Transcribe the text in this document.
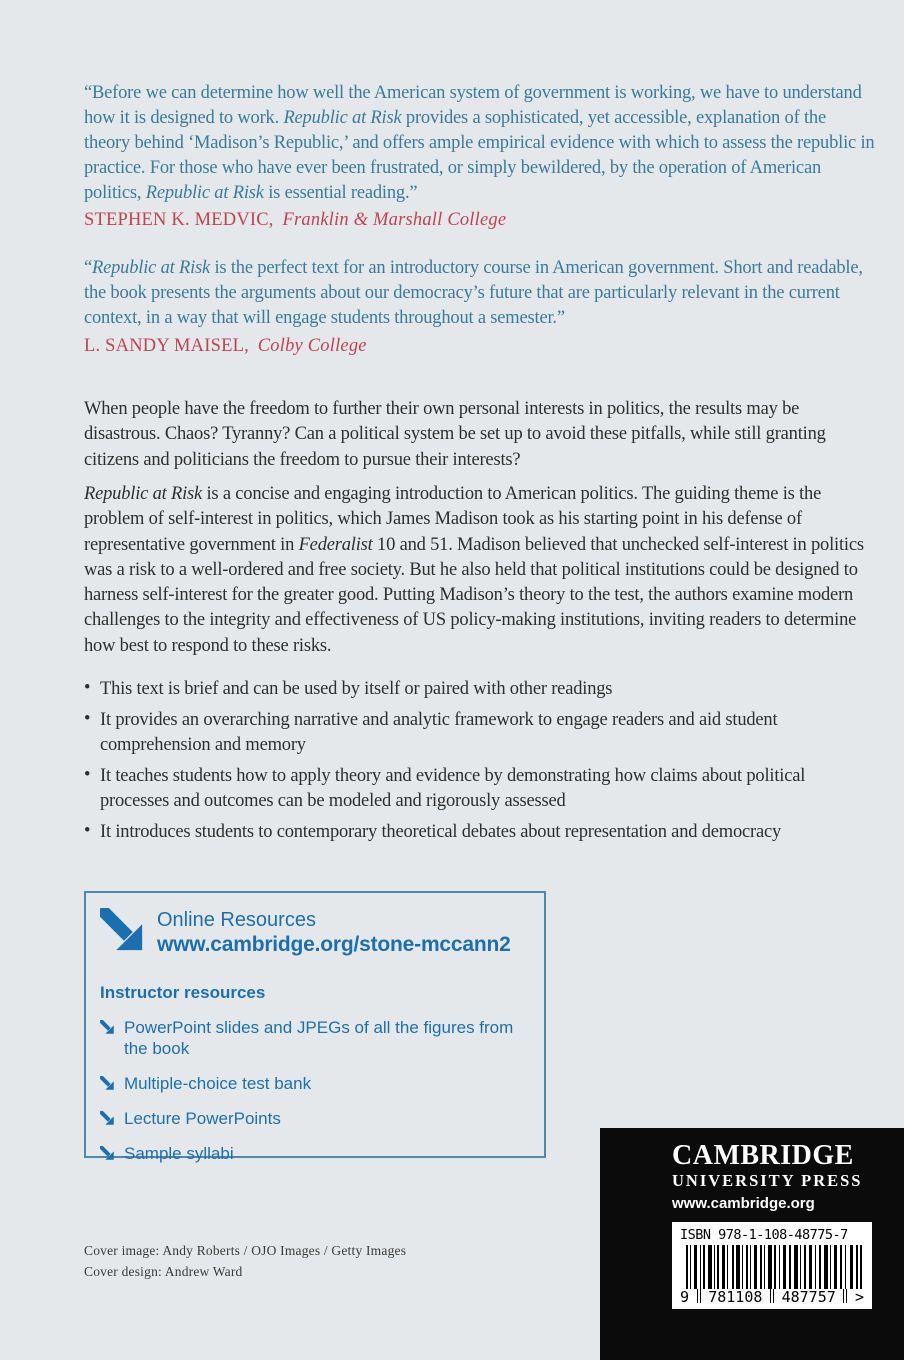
“Before we can determine how well the American system of government is working, we have to understand how it is designed to work. Republic at Risk provides a sophisticated, yet accessible, explanation of the theory behind ‘Madison’s Republic,’ and offers ample empirical evidence with which to assess the republic in practice. For those who have ever been frustrated, or simply bewildered, by the operation of American politics, Republic at Risk is essential reading.”
STEPHEN K. MEDVIC, Franklin & Marshall College
“Republic at Risk is the perfect text for an introductory course in American government. Short and readable, the book presents the arguments about our democracy’s future that are particularly relevant in the current context, in a way that will engage students throughout a semester.”
L. SANDY MAISEL, Colby College

When people have the freedom to further their own personal interests in politics, the results may be disastrous. Chaos? Tyranny? Can a political system be set up to avoid these pitfalls, while still granting citizens and politicians the freedom to pursue their interests?

Republic at Risk is a concise and engaging introduction to American politics. The guiding theme is the problem of self-interest in politics, which James Madison took as his starting point in his defense of representative government in Federalist 10 and 51. Madison believed that unchecked self-interest in politics was a risk to a well-ordered and free society. But he also held that political institutions could be designed to harness self-interest for the greater good. Putting Madison’s theory to the test, the authors examine modern challenges to the integrity and effectiveness of US policy-making institutions, inviting readers to determine how best to respond to these risks.

• This text is brief and can be used by itself or paired with other readings
• It provides an overarching narrative and analytic framework to engage readers and aid student comprehension and memory
• It teaches students how to apply theory and evidence by demonstrating how claims about political processes and outcomes can be modeled and rigorously assessed
• It introduces students to contemporary theoretical debates about representation and democracy
Online Resources
www.cambridge.org/stone-mccann2
Instructor resources
PowerPoint slides and JPEGs of all the figures from the book
Multiple-choice test bank
Lecture PowerPoints
Sample syllabi	CAMBRIDGE
UNIVERSITY PRESS
www.cambridge.org
ISBN 978-1-108-48775-7
9 781108 487757 >
Cover image: Andy Roberts / OJO Images / Getty Images
Cover design: Andrew Ward
